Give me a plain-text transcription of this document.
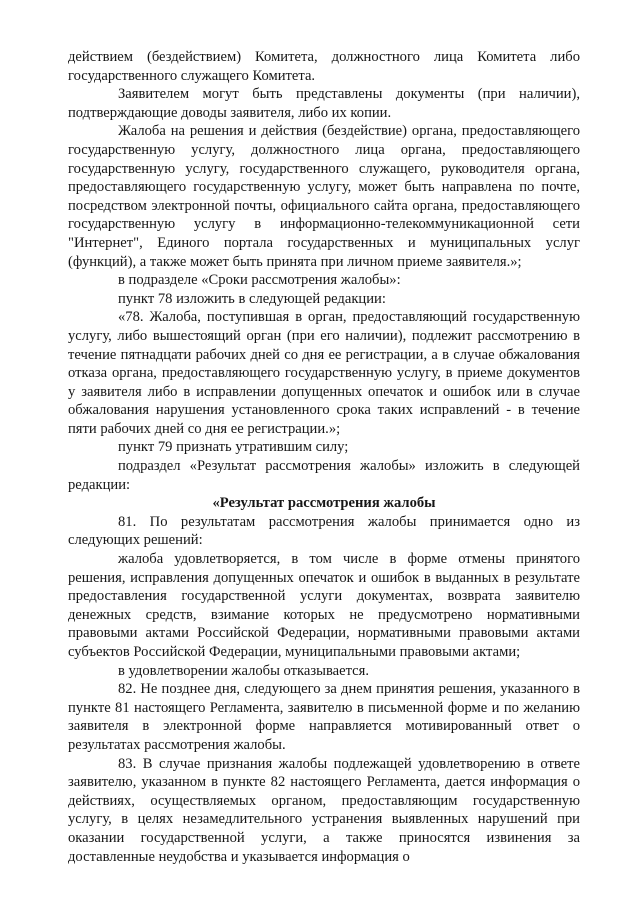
действием (бездействием) Комитета, должностного лица Комитета либо государственного служащего Комитета.

Заявителем могут быть представлены документы (при наличии), подтверждающие доводы заявителя, либо их копии.

Жалоба на решения и действия (бездействие) органа, предоставляющего государственную услугу, должностного лица органа, предоставляющего государственную услугу, государственного служащего, руководителя органа, предоставляющего государственную услугу, может быть направлена по почте, посредством электронной почты, официального сайта органа, предоставляющего государственную услугу в информационно-телекоммуникационной сети "Интернет", Единого портала государственных и муниципальных услуг (функций), а также может быть принята при личном приеме заявителя.»;

в подразделе «Сроки рассмотрения жалобы»:

пункт 78 изложить в следующей редакции:

«78. Жалоба, поступившая в орган, предоставляющий государственную услугу, либо вышестоящий орган (при его наличии), подлежит рассмотрению в течение пятнадцати рабочих дней со дня ее регистрации, а в случае обжалования отказа органа, предоставляющего государственную услугу, в приеме документов у заявителя либо в исправлении допущенных опечаток и ошибок или в случае обжалования нарушения установленного срока таких исправлений - в течение пяти рабочих дней со дня ее регистрации.»;

пункт 79 признать утратившим силу;

подраздел «Результат рассмотрения жалобы» изложить в следующей редакции:

«Результат рассмотрения жалобы

81. По результатам рассмотрения жалобы принимается одно из следующих решений:

жалоба удовлетворяется, в том числе в форме отмены принятого решения, исправления допущенных опечаток и ошибок в выданных в результате предоставления государственной услуги документах, возврата заявителю денежных средств, взимание которых не предусмотрено нормативными правовыми актами Российской Федерации, нормативными правовыми актами субъектов Российской Федерации, муниципальными правовыми актами;

в удовлетворении жалобы отказывается.

82. Не позднее дня, следующего за днем принятия решения, указанного в пункте 81 настоящего Регламента, заявителю в письменной форме и по желанию заявителя в электронной форме направляется мотивированный ответ о результатах рассмотрения жалобы.

83. В случае признания жалобы подлежащей удовлетворению в ответе заявителю, указанном в пункте 82 настоящего Регламента, дается информация о действиях, осуществляемых органом, предоставляющим государственную услугу, в целях незамедлительного устранения выявленных нарушений при оказании государственной услуги, а также приносятся извинения за доставленные неудобства и указывается информация о
